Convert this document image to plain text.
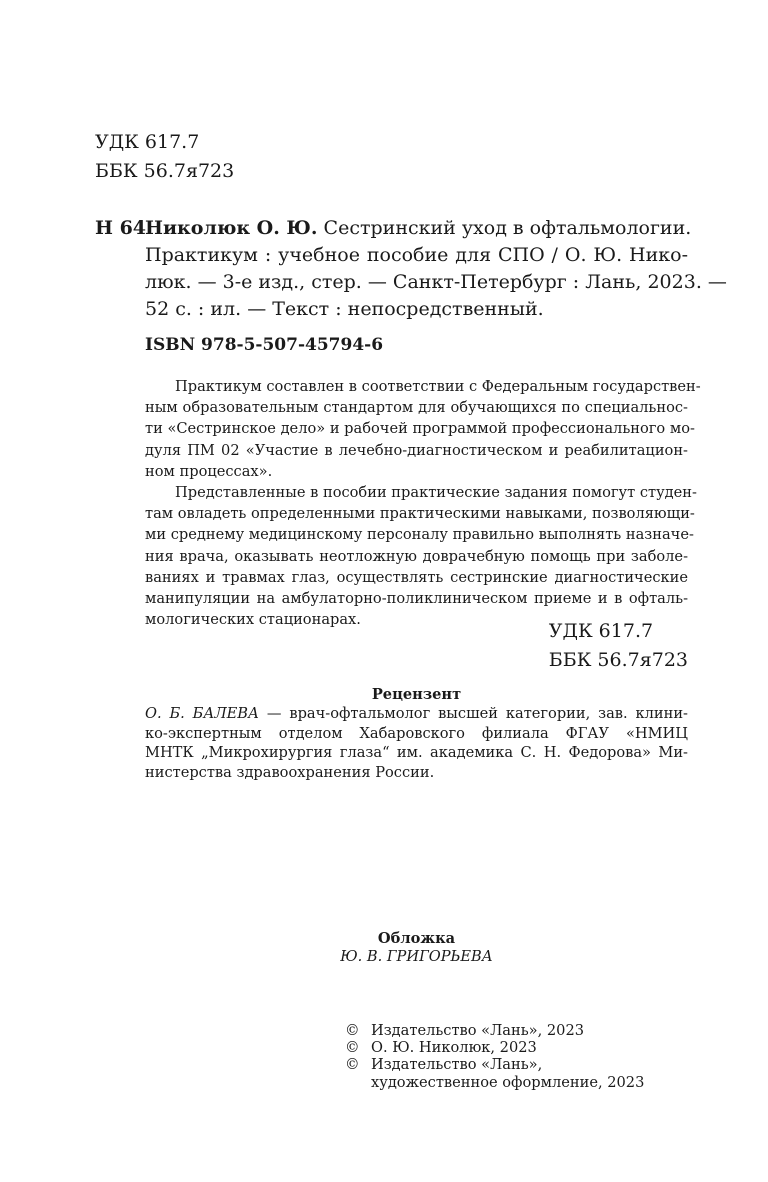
УДК 617.7
ББК 56.7я723
Н 64
Николюк О. Ю. Сестринский уход в офтальмологии.
Практикум : учебное пособие для СПО / О. Ю. Нико-
люк. — 3-е изд., стер. — Санкт-Петербург : Лань, 2023. —
52 с. : ил. — Текст : непосредственный.
ISBN 978-5-507-45794-6
Практикум составлен в соответствии с Федеральным государствен-
ным образовательным стандартом для обучающихся по специальнос-
ти «Сестринское дело» и рабочей программой профессионального мо-
дуля ПМ 02 «Участие в лечебно-диагностическом и реабилитацион-
ном процессах».
Представленные в пособии практические задания помогут студен-
там овладеть определенными практическими навыками, позволяющи-
ми среднему медицинскому персоналу правильно выполнять назначе-
ния врача, оказывать неотложную доврачебную помощь при заболе-
ваниях и травмах глаз, осуществлять сестринские диагностические
манипуляции на амбулаторно-поликлиническом приеме и в офталь-
мологических стационарах.
УДК 617.7
ББК 56.7я723
Рецензент
О. Б. БАЛЕВА — врач-офтальмолог высшей категории, зав. клини-
ко-экспертным отделом Хабаровского филиала ФГАУ «НМИЦ
МНТК „Микрохирургия глаза“ им. академика С. Н. Федорова» Ми-
нистерства здравоохранения России.
Обложка
Ю. В. ГРИГОРЬЕВА
© Издательство «Лань», 2023
© О. Ю. Николюк, 2023
© Издательство «Лань»,
художественное оформление, 2023
